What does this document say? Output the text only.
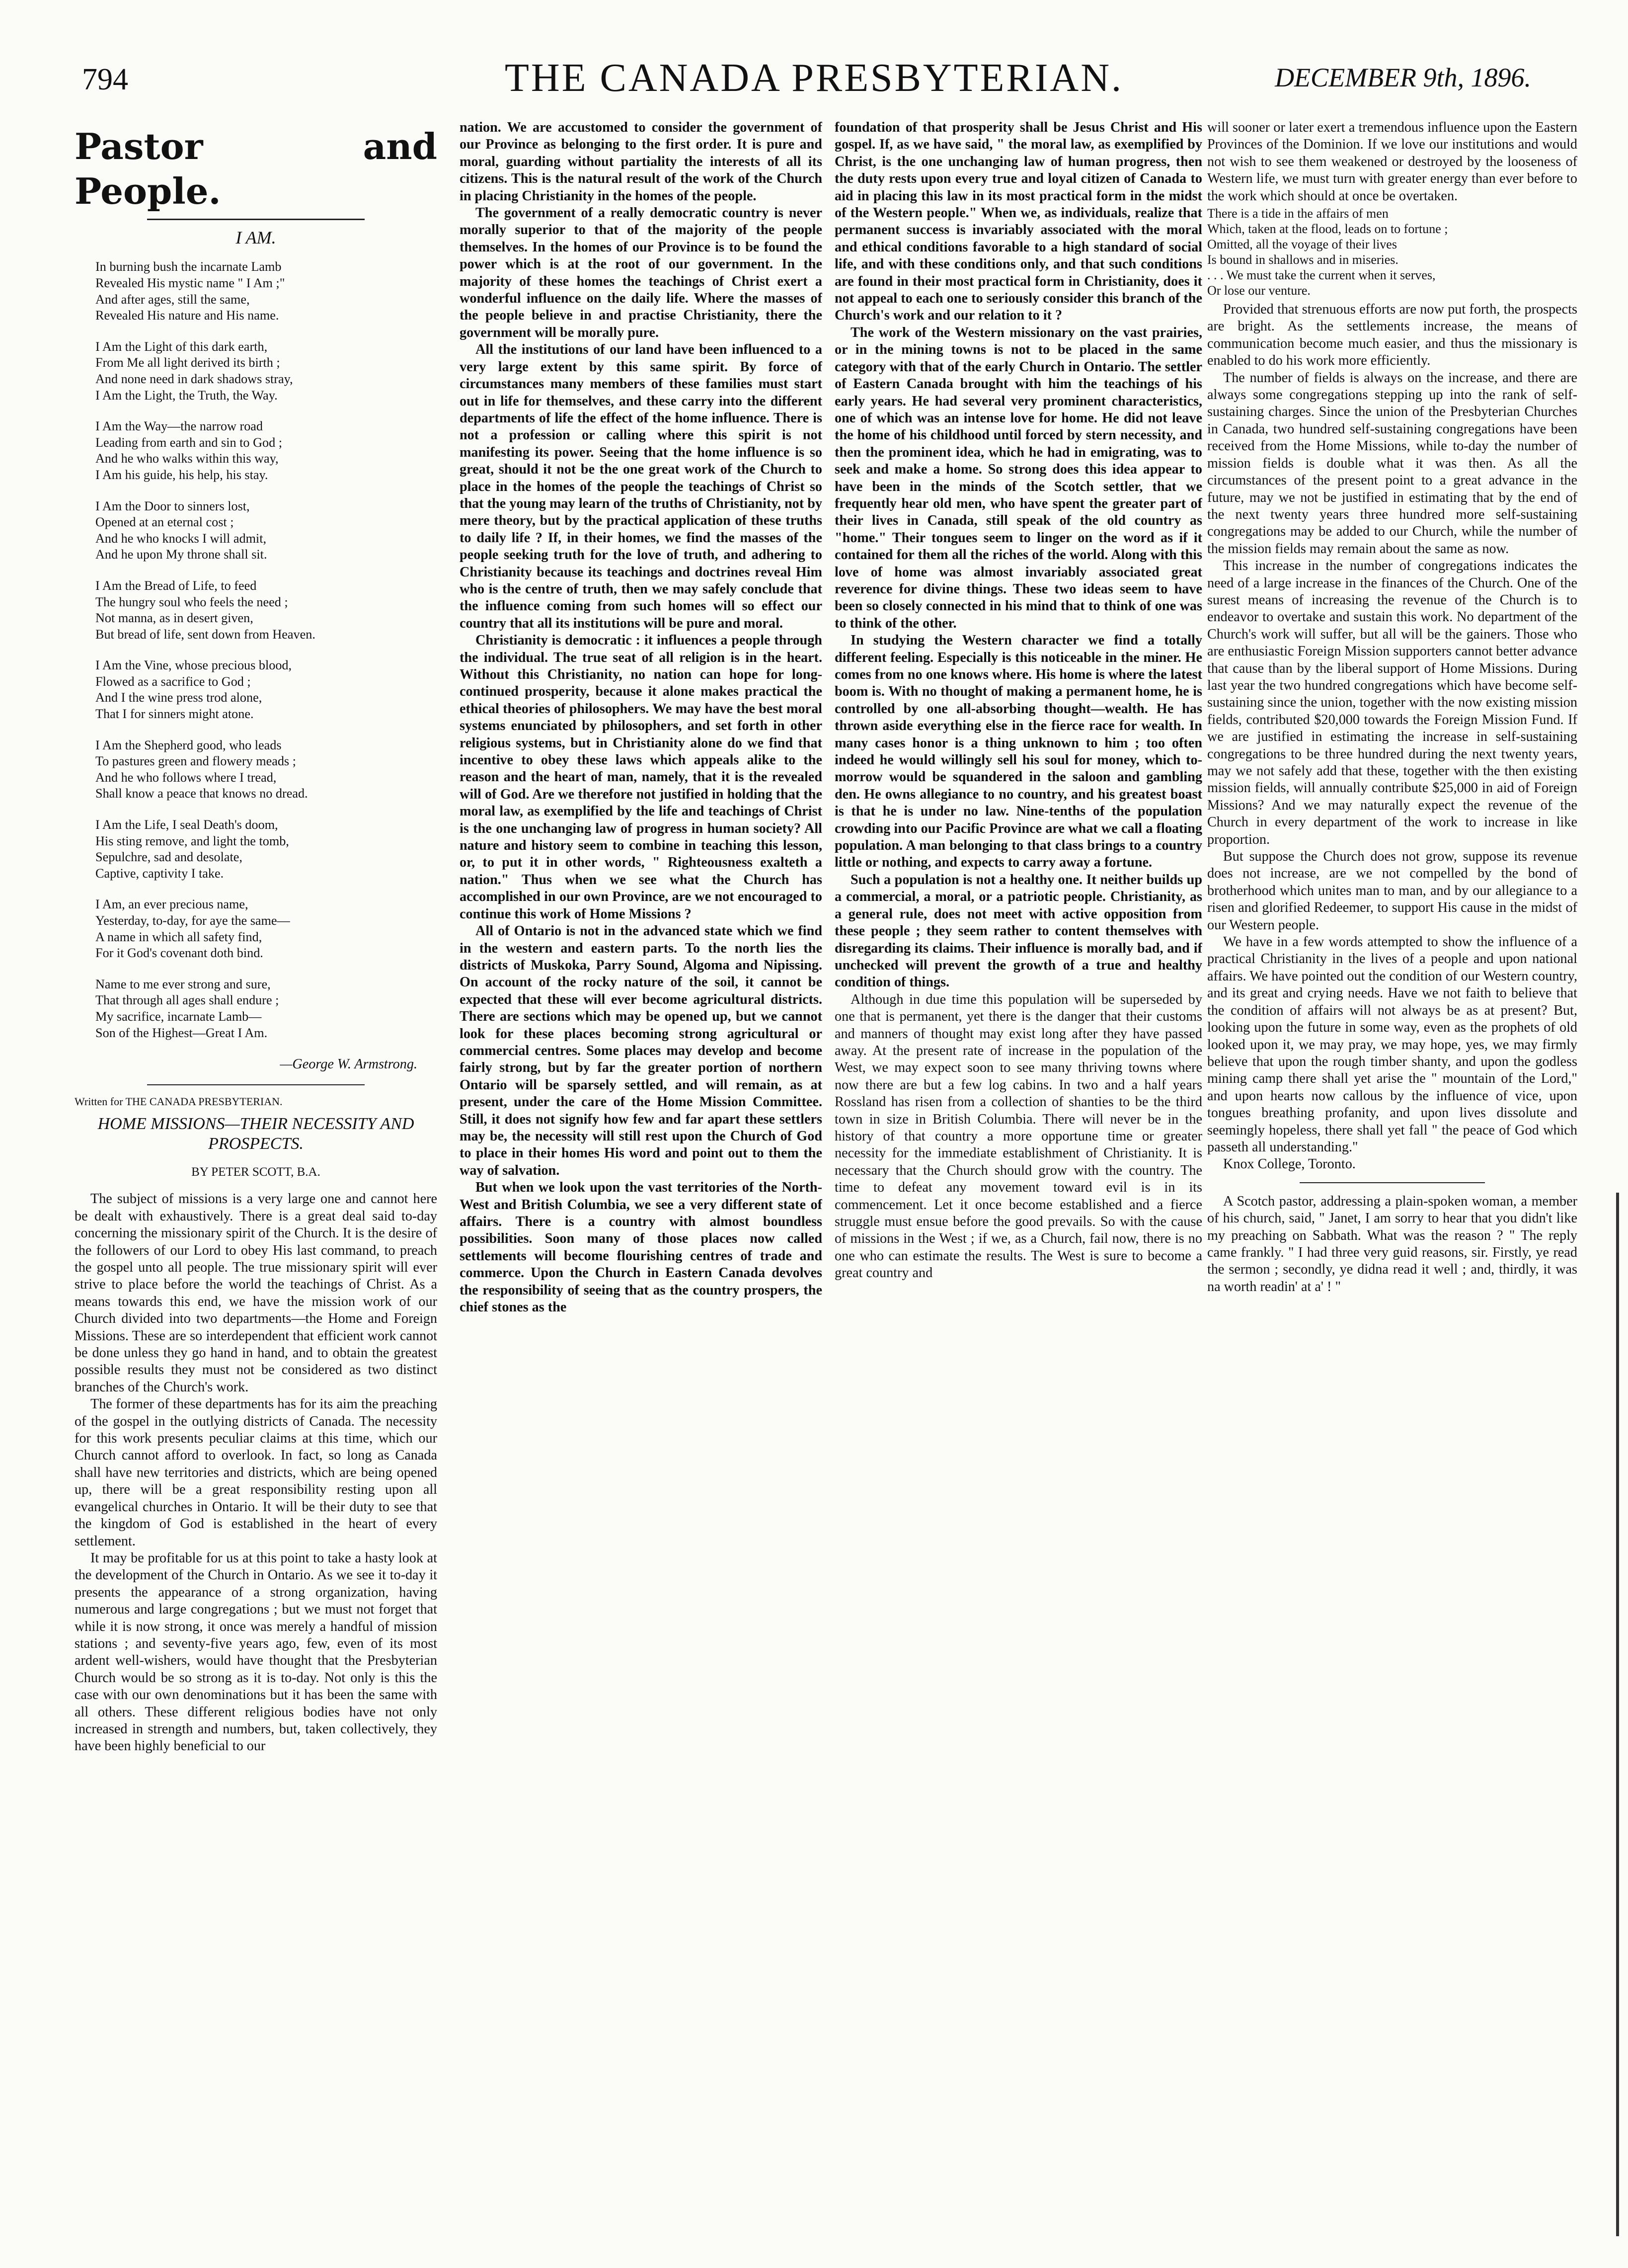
794	THE CANADA PRESBYTERIAN.	DECEMBER 9th, 1896.
Pastor and People.
I AM.
In burning bush the incarnate Lamb
Revealed His mystic name " I Am ;"
And after ages, still the same,
Revealed His nature and His name.
I Am the Light of this dark earth,
From Me all light derived its birth ;
And none need in dark shadows stray,
I Am the Light, the Truth, the Way.
I Am the Way—the narrow road
Leading from earth and sin to God ;
And he who walks within this way,
I Am his guide, his help, his stay.
I Am the Door to sinners lost,
Opened at an eternal cost ;
And he who knocks I will admit,
And he upon My throne shall sit.
I Am the Bread of Life, to feed
The hungry soul who feels the need ;
Not manna, as in desert given,
But bread of life, sent down from Heaven.
I Am the Vine, whose precious blood,
Flowed as a sacrifice to God ;
And I the wine press trod alone,
That I for sinners might atone.
I Am the Shepherd good, who leads
To pastures green and flowery meads ;
And he who follows where I tread,
Shall know a peace that knows no dread.
I Am the Life, I seal Death's doom,
His sting remove, and light the tomb,
Sepulchre, sad and desolate,
Captive, captivity I take.
I Am, an ever precious name,
Yesterday, to-day, for aye the same—
A name in which all safety find,
For it God's covenant doth bind.
Name to me ever strong and sure,
That through all ages shall endure ;
My sacrifice, incarnate Lamb—
Son of the Highest—Great I Am.
—George W. Armstrong.
Written for THE CANADA PRESBYTERIAN.
HOME MISSIONS—THEIR NECESSITY AND PROSPECTS.
BY PETER SCOTT, B.A.

The subject of missions is a very large one and cannot here be dealt with exhaustively. There is a great deal said to-day concerning the missionary spirit of the Church. It is the desire of the followers of our Lord to obey His last command, to preach the gospel unto all people. The true missionary spirit will ever strive to place before the world the teachings of Christ. As a means towards this end, we have the mission work of our Church divided into two departments—the Home and Foreign Missions. These are so interdependent that efficient work cannot be done unless they go hand in hand, and to obtain the greatest possible results they must not be considered as two distinct branches of the Church's work.

The former of these departments has for its aim the preaching of the gospel in the outlying districts of Canada. The necessity for this work presents peculiar claims at this time, which our Church cannot afford to overlook. In fact, so long as Canada shall have new territories and districts, which are being opened up, there will be a great responsibility resting upon all evangelical churches in Ontario. It will be their duty to see that the kingdom of God is established in the heart of every settlement.

It may be profitable for us at this point to take a hasty look at the development of the Church in Ontario. As we see it to-day it presents the appearance of a strong organization, having numerous and large congregations ; but we must not forget that while it is now strong, it once was merely a handful of mission stations ; and seventy-five years ago, few, even of its most ardent well-wishers, would have thought that the Presbyterian Church would be so strong as it is to-day. Not only is this the case with our own denominations but it has been the same with all others. These different religious bodies have not only increased in strength and numbers, but, taken collectively, they have been highly beneficial to our

nation. We are accustomed to consider the government of our Province as belonging to the first order. It is pure and moral, guarding without partiality the interests of all its citizens. This is the natural result of the work of the Church in placing Christianity in the homes of the people.

The government of a really democratic country is never morally superior to that of the majority of the people themselves. In the homes of our Province is to be found the power which is at the root of our government. In the majority of these homes the teachings of Christ exert a wonderful influence on the daily life. Where the masses of the people believe in and practise Christianity, there the government will be morally pure.

All the institutions of our land have been influenced to a very large extent by this same spirit. By force of circumstances many members of these families must start out in life for themselves, and these carry into the different departments of life the effect of the home influence. There is not a profession or calling where this spirit is not manifesting its power. Seeing that the home influence is so great, should it not be the one great work of the Church to place in the homes of the people the teachings of Christ so that the young may learn of the truths of Christianity, not by mere theory, but by the practical application of these truths to daily life ? If, in their homes, we find the masses of the people seeking truth for the love of truth, and adhering to Christianity because its teachings and doctrines reveal Him who is the centre of truth, then we may safely conclude that the influence coming from such homes will so effect our country that all its institutions will be pure and moral.

Christianity is democratic : it influences a people through the individual. The true seat of all religion is in the heart. Without this Christianity, no nation can hope for long-continued prosperity, because it alone makes practical the ethical theories of philosophers. We may have the best moral systems enunciated by philosophers, and set forth in other religious systems, but in Christianity alone do we find that incentive to obey these laws which appeals alike to the reason and the heart of man, namely, that it is the revealed will of God. Are we therefore not justified in holding that the moral law, as exemplified by the life and teachings of Christ is the one unchanging law of progress in human society? All nature and history seem to combine in teaching this lesson, or, to put it in other words, " Righteousness exalteth a nation." Thus when we see what the Church has accomplished in our own Province, are we not encouraged to continue this work of Home Missions ?

All of Ontario is not in the advanced state which we find in the western and eastern parts. To the north lies the districts of Muskoka, Parry Sound, Algoma and Nipissing. On account of the rocky nature of the soil, it cannot be expected that these will ever become agricultural districts. There are sections which may be opened up, but we cannot look for these places becoming strong agricultural or commercial centres. Some places may develop and become fairly strong, but by far the greater portion of northern Ontario will be sparsely settled, and will remain, as at present, under the care of the Home Mission Committee. Still, it does not signify how few and far apart these settlers may be, the necessity will still rest upon the Church of God to place in their homes His word and point out to them the way of salvation.

But when we look upon the vast territories of the North-West and British Columbia, we see a very different state of affairs. There is a country with almost boundless possibilities. Soon many of those places now called settlements will become flourishing centres of trade and commerce. Upon the Church in Eastern Canada devolves the responsibility of seeing that as the country prospers, the chief stones as the

foundation of that prosperity shall be Jesus Christ and His gospel. If, as we have said, " the moral law, as exemplified by Christ, is the one unchanging law of human progress, then the duty rests upon every true and loyal citizen of Canada to aid in placing this law in its most practical form in the midst of the Western people." When we, as individuals, realize that permanent success is invariably associated with the moral and ethical conditions favorable to a high standard of social life, and with these conditions only, and that such conditions are found in their most practical form in Christianity, does it not appeal to each one to seriously consider this branch of the Church's work and our relation to it ?

The work of the Western missionary on the vast prairies, or in the mining towns is not to be placed in the same category with that of the early Church in Ontario. The settler of Eastern Canada brought with him the teachings of his early years. He had several very prominent characteristics, one of which was an intense love for home. He did not leave the home of his childhood until forced by stern necessity, and then the prominent idea, which he had in emigrating, was to seek and make a home. So strong does this idea appear to have been in the minds of the Scotch settler, that we frequently hear old men, who have spent the greater part of their lives in Canada, still speak of the old country as "home." Their tongues seem to linger on the word as if it contained for them all the riches of the world. Along with this love of home was almost invariably associated great reverence for divine things. These two ideas seem to have been so closely connected in his mind that to think of one was to think of the other.

In studying the Western character we find a totally different feeling. Especially is this noticeable in the miner. He comes from no one knows where. His home is where the latest boom is. With no thought of making a permanent home, he is controlled by one all-absorbing thought—wealth. He has thrown aside everything else in the fierce race for wealth. In many cases honor is a thing unknown to him ; too often indeed he would willingly sell his soul for money, which to-morrow would be squandered in the saloon and gambling den. He owns allegiance to no country, and his greatest boast is that he is under no law. Nine-tenths of the population crowding into our Pacific Province are what we call a floating population. A man belonging to that class brings to a country little or nothing, and expects to carry away a fortune.

Such a population is not a healthy one. It neither builds up a commercial, a moral, or a patriotic people. Christianity, as a general rule, does not meet with active opposition from these people ; they seem rather to content themselves with disregarding its claims. Their influence is morally bad, and if unchecked will prevent the growth of a true and healthy condition of things.

Although in due time this population will be superseded by one that is permanent, yet there is the danger that their customs and manners of thought may exist long after they have passed away. At the present rate of increase in the population of the West, we may expect soon to see many thriving towns where now there are but a few log cabins. In two and a half years Rossland has risen from a collection of shanties to be the third town in size in British Columbia. There will never be in the history of that country a more opportune time or greater necessity for the immediate establishment of Christianity. It is necessary that the Church should grow with the country. The time to defeat any movement toward evil is in its commencement. Let it once become established and a fierce struggle must ensue before the good prevails. So with the cause of missions in the West ; if we, as a Church, fail now, there is no one who can estimate the results. The West is sure to become a great country and

will sooner or later exert a tremendous influence upon the Eastern Provinces of the Dominion. If we love our institutions and would not wish to see them weakened or destroyed by the looseness of Western life, we must turn with greater energy than ever before to the work which should at once be overtaken.

There is a tide in the affairs of men
Which, taken at the flood, leads on to fortune ;
Omitted, all the voyage of their lives
Is bound in shallows and in miseries.
. . . We must take the current when it serves,
Or lose our venture.

Provided that strenuous efforts are now put forth, the prospects are bright. As the settlements increase, the means of communication become much easier, and thus the missionary is enabled to do his work more efficiently.

The number of fields is always on the increase, and there are always some congregations stepping up into the rank of self-sustaining charges. Since the union of the Presbyterian Churches in Canada, two hundred self-sustaining congregations have been received from the Home Missions, while to-day the number of mission fields is double what it was then. As all the circumstances of the present point to a great advance in the future, may we not be justified in estimating that by the end of the next twenty years three hundred more self-sustaining congregations may be added to our Church, while the number of the mission fields may remain about the same as now.

This increase in the number of congregations indicates the need of a large increase in the finances of the Church. One of the surest means of increasing the revenue of the Church is to endeavor to overtake and sustain this work. No department of the Church's work will suffer, but all will be the gainers. Those who are enthusiastic Foreign Mission supporters cannot better advance that cause than by the liberal support of Home Missions. During last year the two hundred congregations which have become self-sustaining since the union, together with the now existing mission fields, contributed $20,000 towards the Foreign Mission Fund. If we are justified in estimating the increase in self-sustaining congregations to be three hundred during the next twenty years, may we not safely add that these, together with the then existing mission fields, will annually contribute $25,000 in aid of Foreign Missions? And we may naturally expect the revenue of the Church in every department of the work to increase in like proportion.

But suppose the Church does not grow, suppose its revenue does not increase, are we not compelled by the bond of brotherhood which unites man to man, and by our allegiance to a risen and glorified Redeemer, to support His cause in the midst of our Western people.

We have in a few words attempted to show the influence of a practical Christianity in the lives of a people and upon national affairs. We have pointed out the condition of our Western country, and its great and crying needs. Have we not faith to believe that the condition of affairs will not always be as at present? But, looking upon the future in some way, even as the prophets of old looked upon it, we may pray, we may hope, yes, we may firmly believe that upon the rough timber shanty, and upon the godless mining camp there shall yet arise the " mountain of the Lord," and upon hearts now callous by the influence of vice, upon tongues breathing profanity, and upon lives dissolute and seemingly hopeless, there shall yet fall " the peace of God which passeth all understanding."

Knox College, Toronto.

A Scotch pastor, addressing a plain-spoken woman, a member of his church, said, " Janet, I am sorry to hear that you didn't like my preaching on Sabbath. What was the reason ? " The reply came frankly. " I had three very guid reasons, sir. Firstly, ye read the sermon ; secondly, ye didna read it well ; and, thirdly, it was na worth readin' at a' ! "
